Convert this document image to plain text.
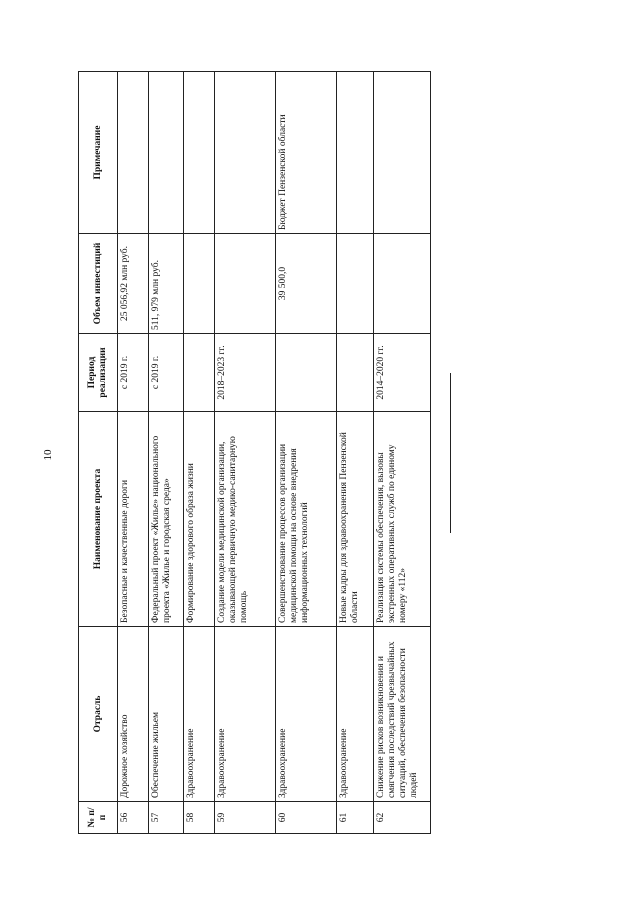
10
№ п/п	Отрасль	Наименование проекта	Период реализации	Объем инвестиций	Примечание
56	Дорожное хозяйство	Безопасные и качественные дороги	с 2019 г.	25 056,92 млн руб.	
57	Обеспечение жильем	Федеральный проект «Жилье» национального проекта «Жилье и городская среда»	с 2019 г.	511, 979 млн руб.	
58	Здравоохранение	Формирование здорового образа жизни			
59	Здравоохранение	Создание модели медицинской организации, оказывающей первичную медико-санитарную помощь	2018–2023 гг.		
60	Здравоохранение	Совершенствование процессов организации медицинской помощи на основе внедрения информационных технологий		39 500,0	Бюджет Пензенской области
61	Здравоохранение	Новые кадры для здравоохранения Пензенской области			
62	Снижение рисков возникновения и смягчения последствий чрезвычайных ситуаций, обеспечения безопасности людей	Реализация системы обеспечения, вызовы экстренных оперативных служб по единому номеру «112»	2014–2020 гг.		
